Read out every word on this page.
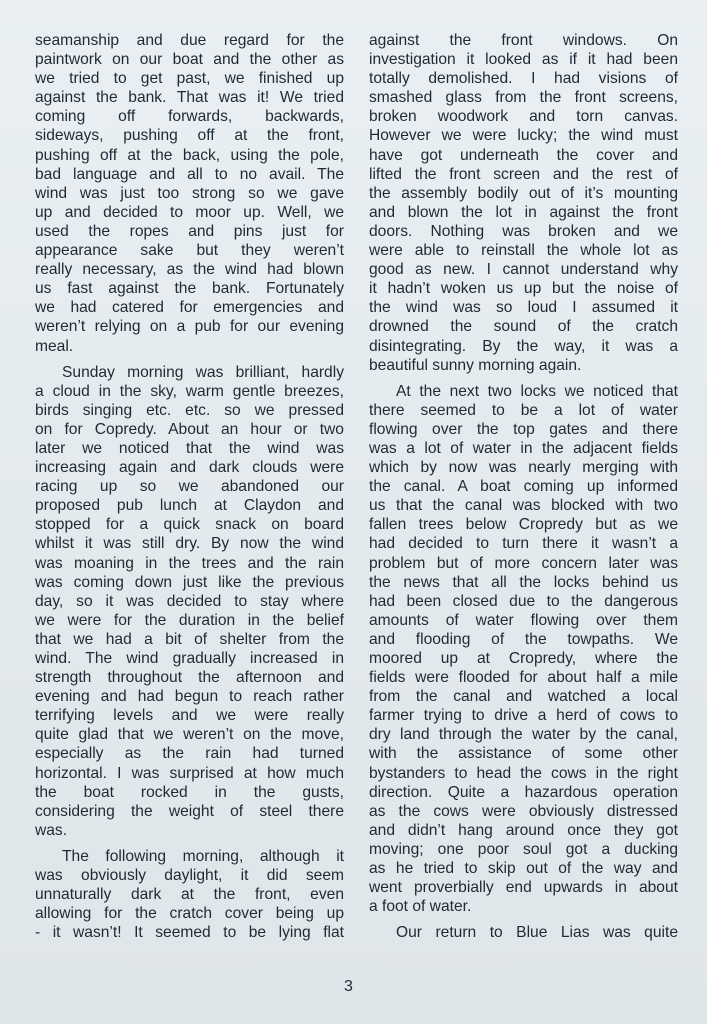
seamanship and due regard for the
paintwork on our boat and the other as
we tried to get past, we finished up
against the bank. That was it! We tried
coming off forwards, backwards,
sideways, pushing off at the front,
pushing off at the back, using the pole,
bad language and all to no avail. The
wind was just too strong so we gave
up and decided to moor up. Well, we
used the ropes and pins just for
appearance sake but they weren’t
really necessary, as the wind had blown
us fast against the bank. Fortunately
we had catered for emergencies and
weren’t relying on a pub for our evening
meal.
Sunday morning was brilliant, hardly
a cloud in the sky, warm gentle breezes,
birds singing etc. etc. so we pressed
on for Copredy. About an hour or two
later we noticed that the wind was
increasing again and dark clouds were
racing up so we abandoned our
proposed pub lunch at Claydon and
stopped for a quick snack on board
whilst it was still dry. By now the wind
was moaning in the trees and the rain
was coming down just like the previous
day, so it was decided to stay where
we were for the duration in the belief
that we had a bit of shelter from the
wind. The wind gradually increased in
strength throughout the afternoon and
evening and had begun to reach rather
terrifying levels and we were really
quite glad that we weren’t on the move,
especially as the rain had turned
horizontal. I was surprised at how much
the boat rocked in the gusts,
considering the weight of steel there
was.
The following morning, although it
was obviously daylight, it did seem
unnaturally dark at the front, even
allowing for the cratch cover being up
- it wasn’t! It seemed to be lying flat
against the front windows. On
investigation it looked as if it had been
totally demolished. I had visions of
smashed glass from the front screens,
broken woodwork and torn canvas.
However we were lucky; the wind must
have got underneath the cover and
lifted the front screen and the rest of
the assembly bodily out of it’s mounting
and blown the lot in against the front
doors. Nothing was broken and we
were able to reinstall the whole lot as
good as new. I cannot understand why
it hadn’t woken us up but the noise of
the wind was so loud I assumed it
drowned the sound of the cratch
disintegrating. By the way, it was a
beautiful sunny morning again.
At the next two locks we noticed that
there seemed to be a lot of water
flowing over the top gates and there
was a lot of water in the adjacent fields
which by now was nearly merging with
the canal. A boat coming up informed
us that the canal was blocked with two
fallen trees below Cropredy but as we
had decided to turn there it wasn’t a
problem but of more concern later was
the news that all the locks behind us
had been closed due to the dangerous
amounts of water flowing over them
and flooding of the towpaths. We
moored up at Cropredy, where the
fields were flooded for about half a mile
from the canal and watched a local
farmer trying to drive a herd of cows to
dry land through the water by the canal,
with the assistance of some other
bystanders to head the cows in the right
direction. Quite a hazardous operation
as the cows were obviously distressed
and didn’t hang around once they got
moving; one poor soul got a ducking
as he tried to skip out of the way and
went proverbially end upwards in about
a foot of water.
Our return to Blue Lias was quite
3
